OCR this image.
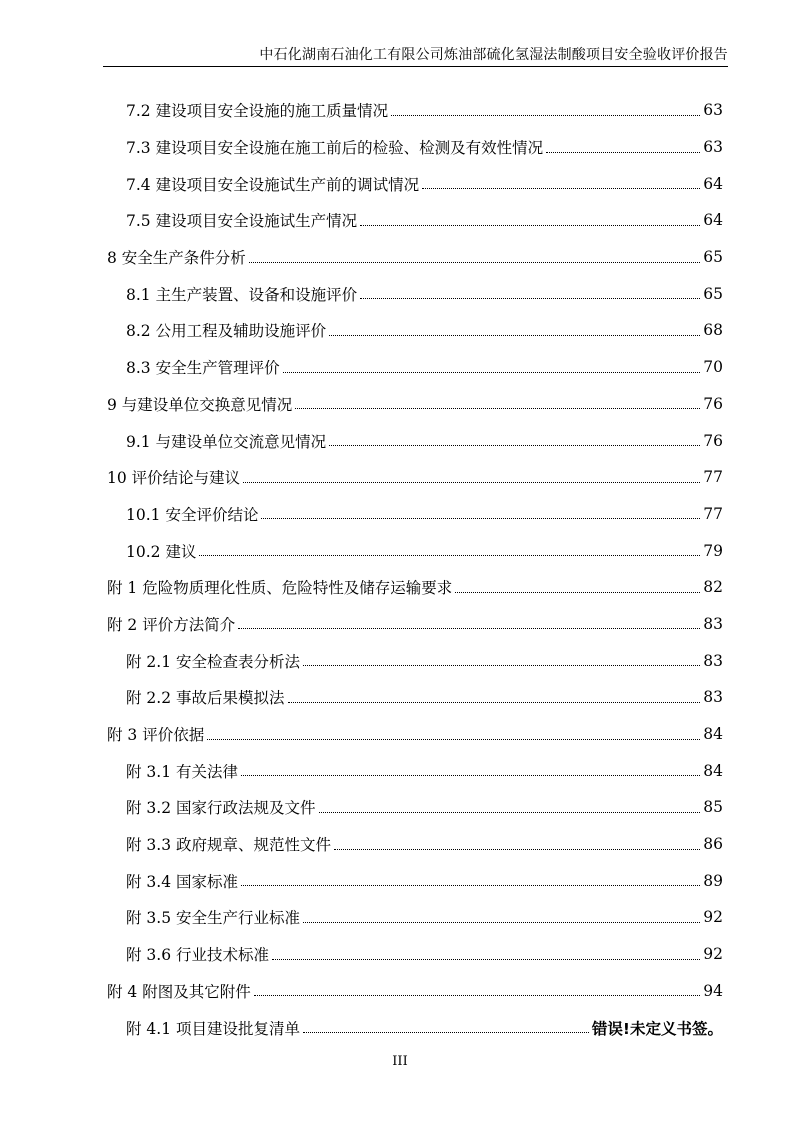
中石化湖南石油化工有限公司炼油部硫化氢湿法制酸项目安全验收评价报告
7.2 建设项目安全设施的施工质量情况	63
7.3 建设项目安全设施在施工前后的检验、检测及有效性情况	63
7.4 建设项目安全设施试生产前的调试情况	64
7.5 建设项目安全设施试生产情况	64
8 安全生产条件分析	65
8.1 主生产装置、设备和设施评价	65
8.2 公用工程及辅助设施评价	68
8.3 安全生产管理评价	70
9 与建设单位交换意见情况	76
9.1 与建设单位交流意见情况	76
10 评价结论与建议	77
10.1 安全评价结论	77
10.2 建议	79
附 1 危险物质理化性质、危险特性及储存运输要求	82
附 2 评价方法简介	83
附 2.1 安全检查表分析法	83
附 2.2 事故后果模拟法	83
附 3 评价依据	84
附 3.1 有关法律	84
附 3.2 国家行政法规及文件	85
附 3.3 政府规章、规范性文件	86
附 3.4 国家标准	89
附 3.5 安全生产行业标准	92
附 3.6 行业技术标准	92
附 4 附图及其它附件	94
附 4.1 项目建设批复清单	错误!未定义书签。
III
